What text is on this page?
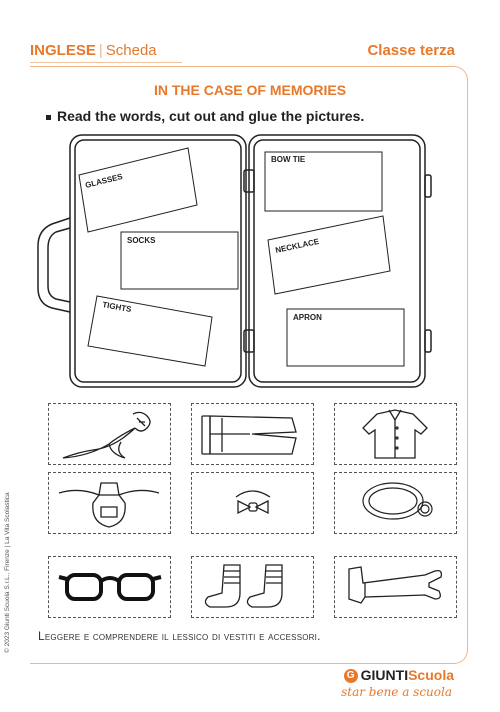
INGLESE | Scheda	Classe terza
IN THE CASE OF MEMORIES
Read the words, cut out and glue the pictures.
GLASSES
SOCKS
TIGHTS
BOW TIE
NECKLACE
APRON
Leggere e comprendere il lessico di vestiti e accessori.
© 2023 Giunti Scuola S.r.L., Firenze | La Vita Scolastica
G GIUNTIScuola
star bene a scuola
